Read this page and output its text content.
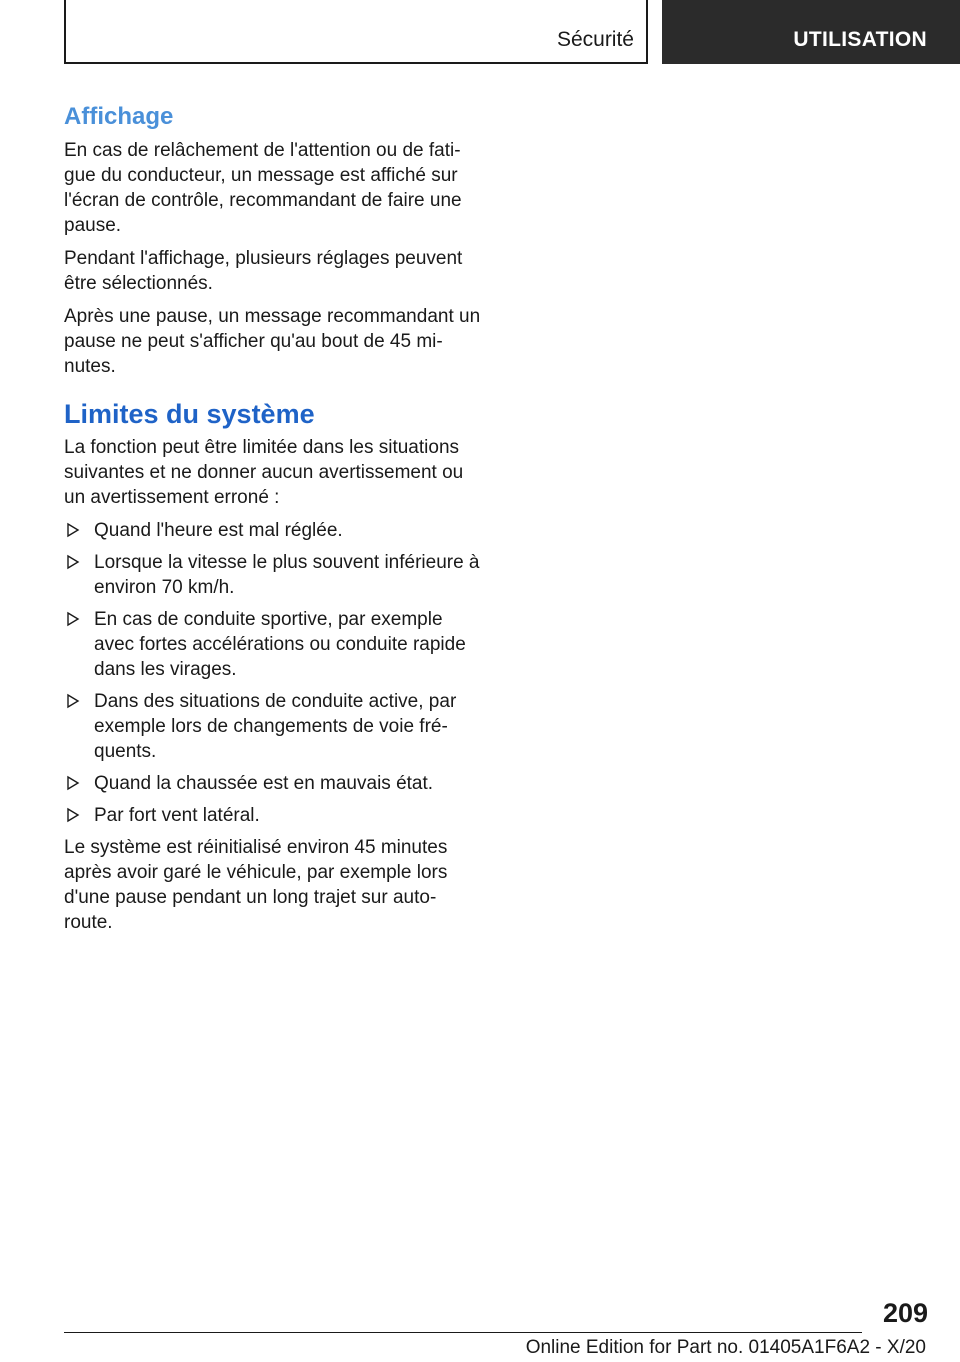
Sécurité	UTILISATION
Affichage

En cas de relâchement de l'attention ou de fati-gue du conducteur, un message est affiché sur l'écran de contrôle, recommandant de faire une pause.

Pendant l'affichage, plusieurs réglages peuvent être sélectionnés.

Après une pause, un message recommandant un pause ne peut s'afficher qu'au bout de 45 mi-nutes.

Limites du système

La fonction peut être limitée dans les situations suivantes et ne donner aucun avertissement ou un avertissement erroné :

Quand l'heure est mal réglée.
Lorsque la vitesse le plus souvent inférieure à environ 70 km/h.
En cas de conduite sportive, par exemple avec fortes accélérations ou conduite rapide dans les virages.
Dans des situations de conduite active, par exemple lors de changements de voie fré-quents.
Quand la chaussée est en mauvais état.
Par fort vent latéral.

Le système est réinitialisé environ 45 minutes après avoir garé le véhicule, par exemple lors d'une pause pendant un long trajet sur auto-route.

209
Online Edition for Part no. 01405A1F6A2 - X/20
